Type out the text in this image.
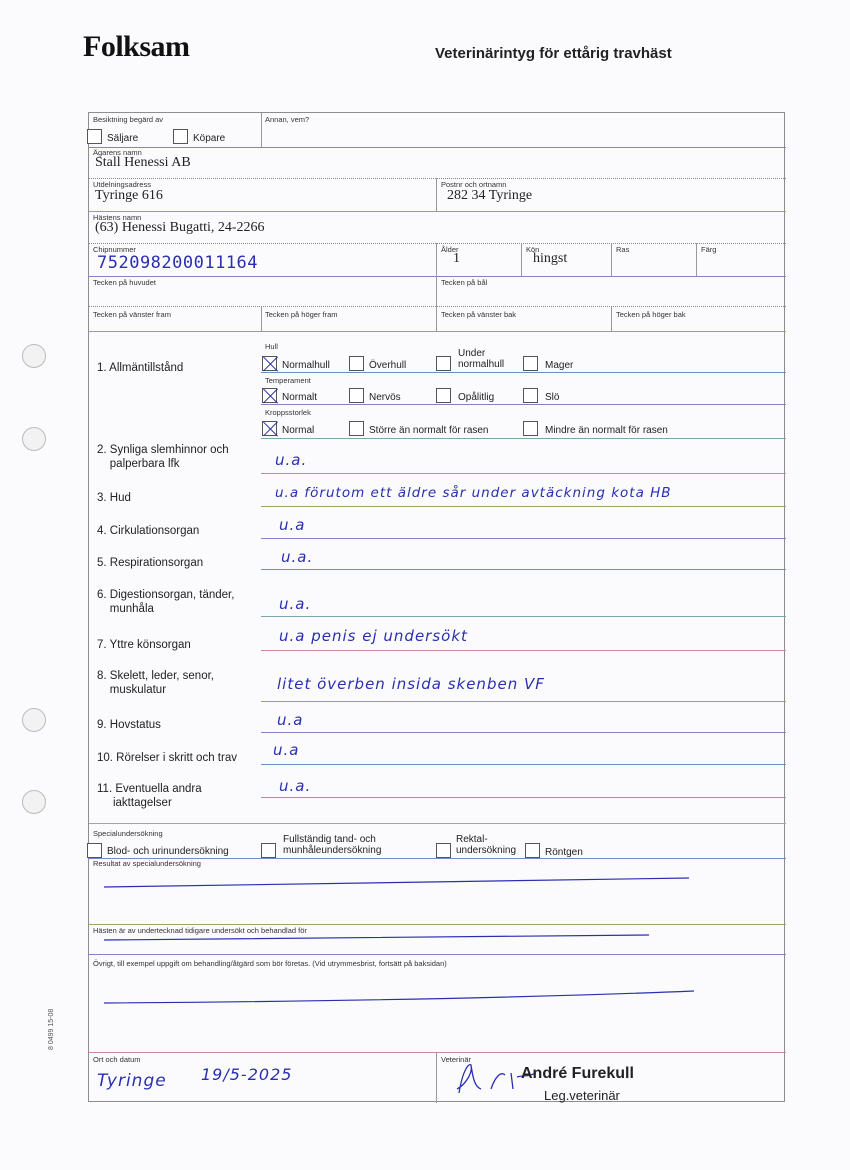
Folksam	Veterinärintyg för ettårig travhäst
8 0499 15-08
Besiktning begärd av	Annan, vem?
Säljare	Köpare
Ägarens namn
Stall Henessi AB
Utdelningsadress
Tyringe 616
Postnr och ortnamn
282 34 Tyringe
Hästens namn
(63) Henessi Bugatti, 24-2266
Chipnummer
752098200011164
Ålder
1
Kön
hingst
Ras	Färg
Tecken på huvudet	Tecken på bål
Tecken på vänster fram	Tecken på höger fram	Tecken på vänster bak	Tecken på höger bak
1. Allmäntillstånd
Hull
Normalhull	Överhull
Under
normalhull	Mager
Temperament
Normalt	Nervös	Opålitlig	Slö
Kroppsstorlek
Normal	Större än normalt för rasen	Mindre än normalt för rasen
2. Synliga slemhinnor och
palperbara lfk	u.a.
3. Hud	u.a förutom ett äldre sår under avtäckning kota HB
4. Cirkulationsorgan	u.a
5. Respirationsorgan	u.a.
6. Digestionsorgan, tänder,
munhåla	u.a.
7. Yttre könsorgan	u.a penis ej undersökt
8. Skelett, leder, senor,
muskulatur	litet överben insida skenben VF
9. Hovstatus	u.a
10. Rörelser i skritt och trav u.a
11. Eventuella andra
iakttagelser
u.a.
Specialundersökning
Blod- och urinundersökning
Fullständig tand- och
munhåleundersökning
Rektal-
undersökning	Röntgen
Resultat av specialundersökning
Hästen är av undertecknad tidigare undersökt och behandlad för
Övrigt, till exempel uppgift om behandling/åtgärd som bör företas. (Vid utrymmesbrist, fortsätt på baksidan)
Ort och datum	Veterinär
Tyringe 19/5-2025	André Furekull
Leg.veterinär
